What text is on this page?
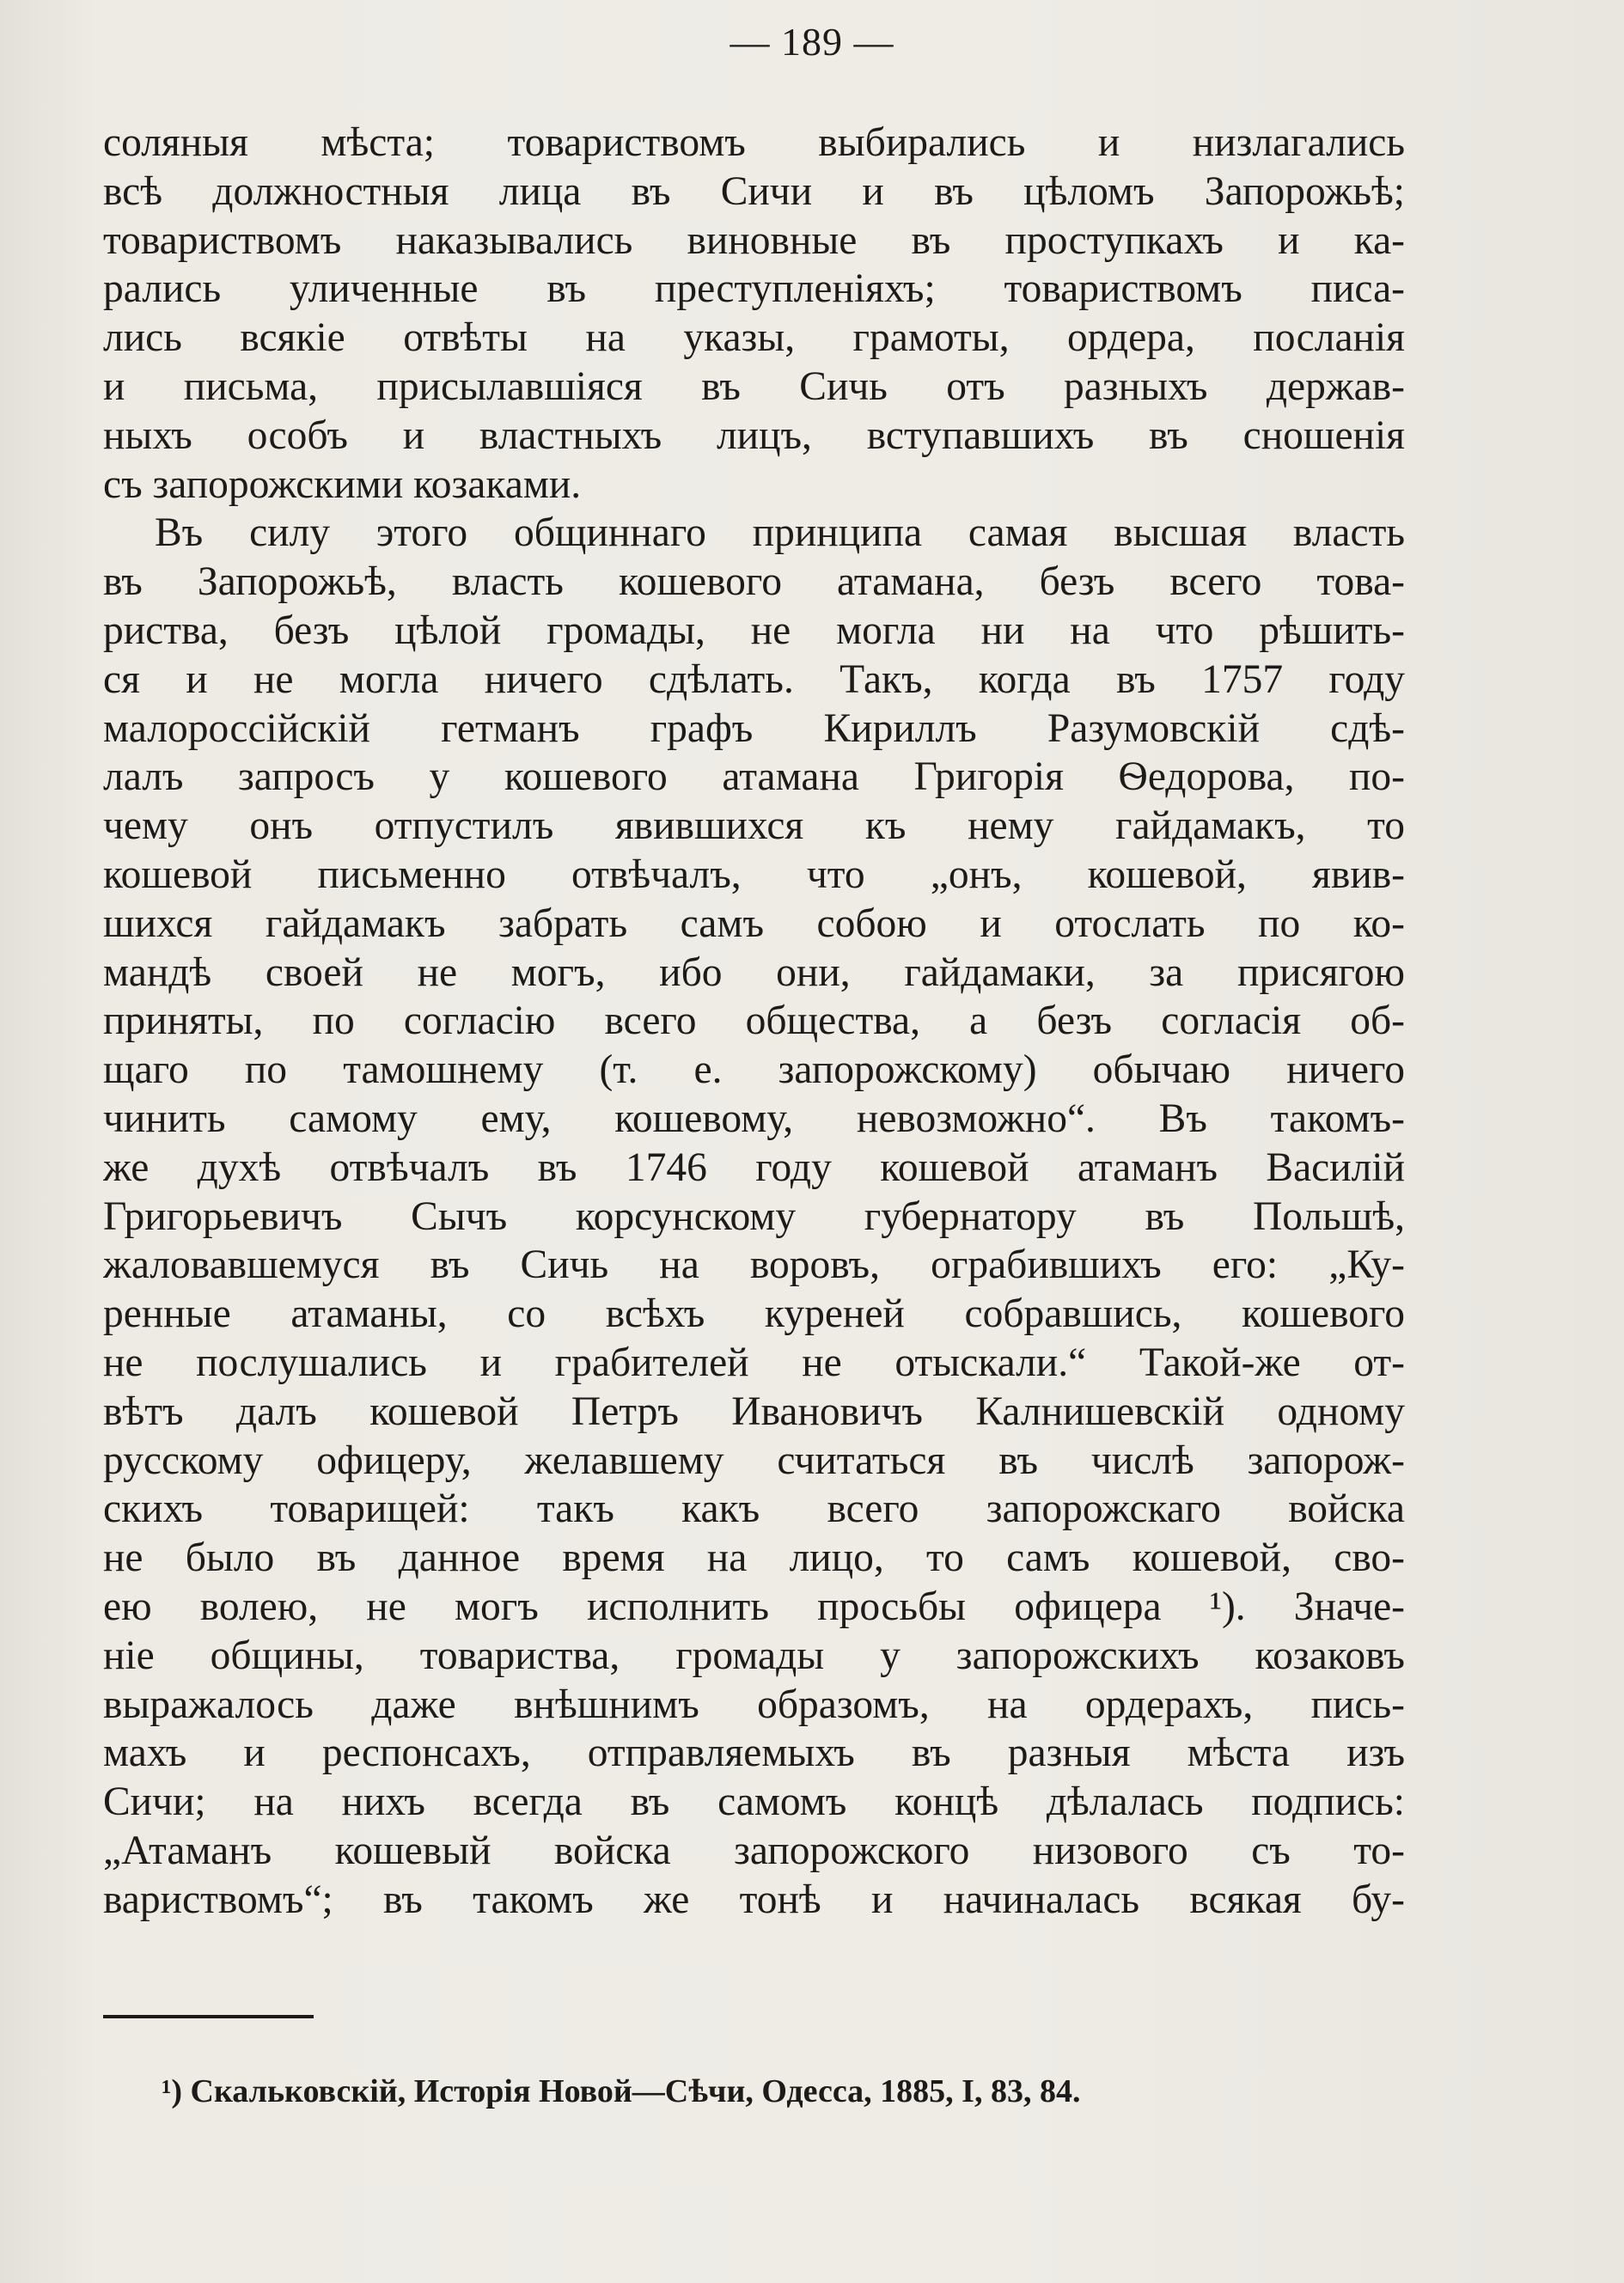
— 189 —
соляныя мѣста; товариствомъ выбирались и низлагались
всѣ должностныя лица въ Сичи и въ цѣломъ Запорожьѣ;
товариствомъ наказывались виновные въ проступкахъ и ка-
рались уличенные въ преступленіяхъ; товариствомъ писа-
лись всякіе отвѣты на указы, грамоты, ордера, посланія
и письма, присылавшіяся въ Сичь отъ разныхъ держав-
ныхъ особъ и властныхъ лицъ, вступавшихъ въ сношенія
съ запорожскими козаками.
Въ силу этого общиннаго принципа самая высшая власть
въ Запорожьѣ, власть кошевого атамана, безъ всего това-
риства, безъ цѣлой громады, не могла ни на что рѣшить-
ся и не могла ничего сдѣлать. Такъ, когда въ 1757 году
малороссійскій гетманъ графъ Кириллъ Разумовскій сдѣ-
лалъ запросъ у кошевого атамана Григорія Ѳедорова, по-
чему онъ отпустилъ явившихся къ нему гайдамакъ, то
кошевой письменно отвѣчалъ, что „онъ, кошевой, явив-
шихся гайдамакъ забрать самъ собою и отослать по ко-
мандѣ своей не могъ, ибо они, гайдамаки, за присягою
приняты, по согласію всего общества, а безъ согласія об-
щаго по тамошнему (т. е. запорожскому) обычаю ничего
чинить самому ему, кошевому, невозможно“. Въ такомъ-
же духѣ отвѣчалъ въ 1746 году кошевой атаманъ Василій
Григорьевичъ Сычъ корсунскому губернатору въ Польшѣ,
жаловавшемуся въ Сичь на воровъ, ограбившихъ его: „Ку-
ренные атаманы, со всѣхъ куреней собравшись, кошевого
не послушались и грабителей не отыскали.“ Такой-же от-
вѣтъ далъ кошевой Петръ Ивановичъ Калнишевскій одному
русскому офицеру, желавшему считаться въ числѣ запорож-
скихъ товарищей: такъ какъ всего запорожскаго войска
не было въ данное время на лицо, то самъ кошевой, сво-
ею волею, не могъ исполнить просьбы офицера ¹). Значе-
ніе общины, товариства, громады у запорожскихъ козаковъ
выражалось даже внѣшнимъ образомъ, на ордерахъ, пись-
махъ и респонсахъ, отправляемыхъ въ разныя мѣста изъ
Сичи; на нихъ всегда въ самомъ концѣ дѣлалась подпись:
„Атаманъ кошевый войска запорожского низового съ то-
вариствомъ“; въ такомъ же тонѣ и начиналась всякая бу-
¹) Скальковскій, Исторія Новой—Сѣчи, Одесса, 1885, I, 83, 84.
